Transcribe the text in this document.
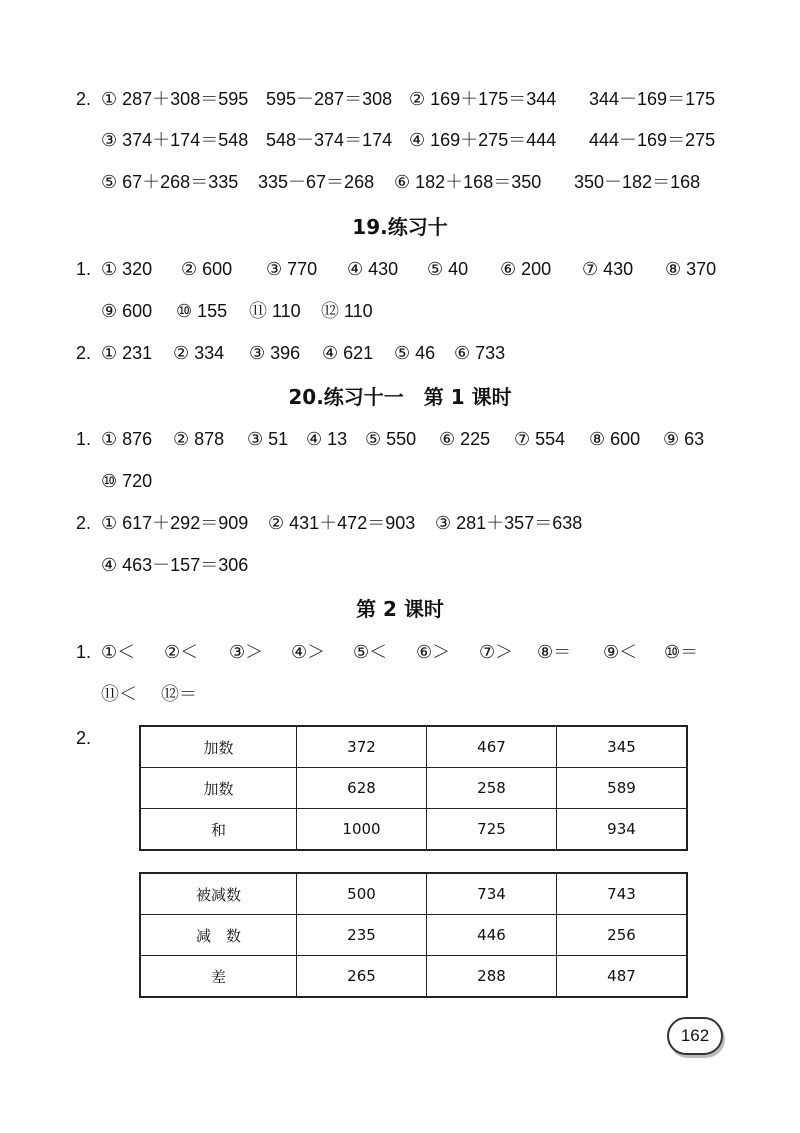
2. ① 287＋308＝595 595－287＝308 ② 169＋175＝344 344－169＝175
③ 374＋174＝548 548－374＝174 ④ 169＋275＝444 444－169＝275
⑤ 67＋268＝335 335－67＝268 ⑥ 182＋168＝350 350－182＝168
19.练习十
1. ① 320 ② 600 ③ 770 ④ 430 ⑤ 40 ⑥ 200 ⑦ 430 ⑧ 370
⑨ 600 ⑩ 155 ⑪ 110 ⑫ 110
2. ① 231 ② 334 ③ 396 ④ 621 ⑤ 46 ⑥ 733
20.练习十一　第 1 课时
1. ① 876 ② 878 ③ 51 ④ 13 ⑤ 550 ⑥ 225 ⑦ 554 ⑧ 600 ⑨ 63
⑩ 720
2. ① 617＋292＝909 ② 431＋472＝903 ③ 281＋357＝638
④ 463－157＝306
第 2 课时
1. ①＜ ②＜ ③＞ ④＞ ⑤＜ ⑥＞ ⑦＞ ⑧＝ ⑨＜ ⑩＝
⑪＜ ⑫＝
2.	加数	372	467	345
加数	628	258	589
和	1000	725	934
被减数	500	734	743
减　数	235	446	256
差	265	288	487
162
